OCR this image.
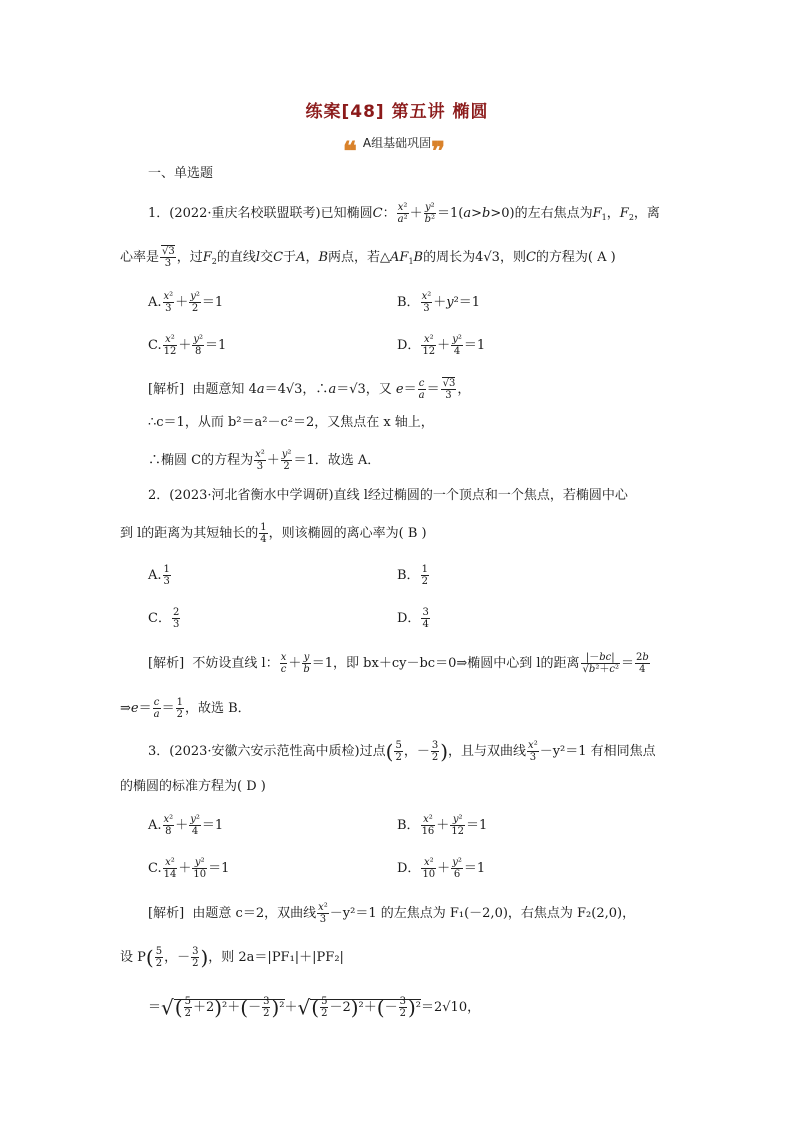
练案[48] 第五讲 椭圆
❝ A组基础巩固 ❞
一、单选题
1．(2022·重庆名校联盟联考)已知椭圆C： $\frac{\text{x²}}{\text{a²}} + \frac{\text{y²}}{\text{b²}} =1(a>b>0)$的左右焦点为$F_1$，$F_2$，离
心率是 $\frac{√3}{3}$ ，过$F_2$的直线l交C于A，B两点，若$\triangle AF_1B$的周长为4√3，则C的方程为( A )
A. $\frac{\text{x²}}{3} + \frac{\text{y²}}{2} =1$	B． $\frac{\text{x²}}{3} +y^2=1$
C. $\frac{\text{x²}}{12} + \frac{\text{y²}}{8} =1$	D． $\frac{\text{x²}}{12} + \frac{\text{y²}}{4} =1$
[解析] 由题意知 4a＝4√3，∴a＝√3，又 $e= \frac{c}{a} = \frac{√3}{3}$ ，
∴c＝1，从而 b²＝a²－c²＝2，又焦点在 x 轴上，
∴椭圆 C的方程为 $\frac{\text{x²}}{3} + \frac{\text{y²}}{2} =1$．故选 A．
2．(2023·河北省衡水中学调研)直线 l经过椭圆的一个顶点和一个焦点，若椭圆中心
到 l的距离为其短轴长的 $\frac{1}{4}$ ，则该椭圆的离心率为( B )
A. $\frac{1}{3}$	B． $\frac{1}{2}$
C． $\frac{2}{3}$	D． $\frac{3}{4}$
[解析] 不妨设直线 l： $\frac{x}{c} + \frac{y}{b} =1$，即 bx＋cy－bc＝0⇒椭圆中心到 l的距离 $\frac{|-bc|}{\text{√b²＋c²}} = \frac{2b}{4}$
⇒e＝ $\frac{c}{a} = \frac{1}{2}$ ，故选 B．
3．(2023·安徽六安示范性高中质检)过点( $\frac{5}{2}$ ，－ $\frac{3}{2}$ )，且与双曲线 $\frac{\text{x²}}{3} -y^2=1$ 有相同焦点
的椭圆的标准方程为( D )
A. $\frac{\text{x²}}{8} + \frac{\text{y²}}{4} =1$	B． $\frac{\text{x²}}{16} + \frac{\text{y²}}{12} =1$
C. $\frac{\text{x²}}{14} + \frac{\text{y²}}{10} =1$	D． $\frac{\text{x²}}{10} + \frac{\text{y²}}{6} =1$
[解析] 由题意 c＝2，双曲线 $\frac{\text{x²}}{3} -y^2=1$ 的左焦点为 F₁(－2,0)，右焦点为 F₂(2,0)，
设 $P( \frac{5}{2}$ ，－ $\frac{3}{2}$ )，则 2a＝|PF₁|＋|PF₂|
＝√( $\frac{5}{2} +2)^2+(- \frac{3}{2} )^2+√( \frac{5}{2} -2)^2+(- \frac{3}{2} )^2=2√10$，
